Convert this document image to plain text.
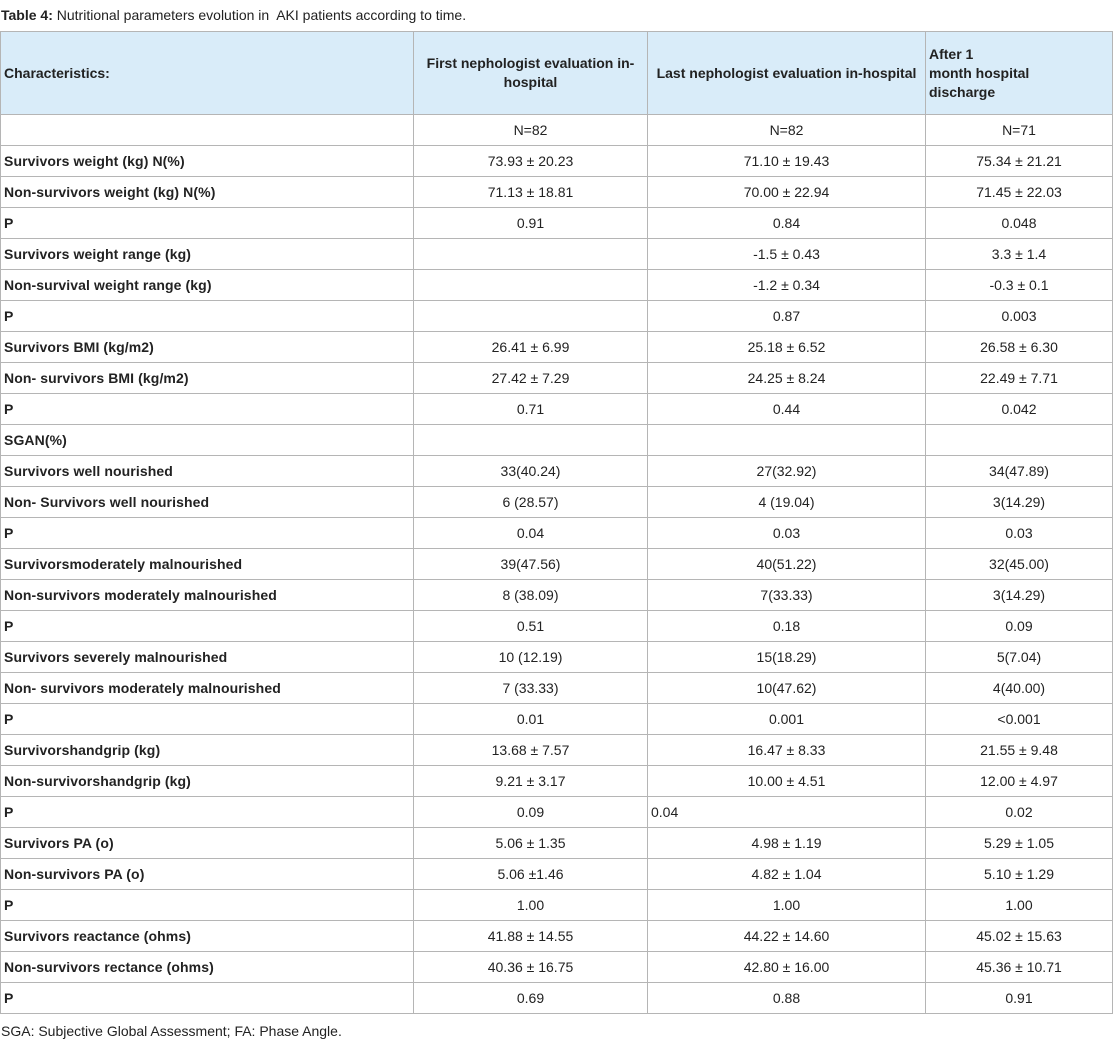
Table 4: Nutritional parameters evolution in  AKI patients according to time.
Characteristics:	First nephologist evaluation in-hospital	Last nephologist evaluation in-hospital	After 1
month hospital
discharge
	N=82	N=82	N=71
Survivors weight (kg) N(%)	73.93 ± 20.23	71.10 ± 19.43	75.34 ± 21.21
Non-survivors weight (kg) N(%)	71.13 ± 18.81	70.00 ± 22.94	71.45 ± 22.03
P	0.91	0.84	0.048
Survivors weight range (kg)		-1.5 ± 0.43	3.3 ± 1.4
Non-survival weight range (kg)		-1.2 ± 0.34	-0.3 ± 0.1
P		0.87	0.003
Survivors BMI (kg/m2)	26.41 ± 6.99	25.18 ± 6.52	26.58 ± 6.30
Non- survivors BMI (kg/m2)	27.42 ± 7.29	24.25 ± 8.24	22.49 ± 7.71
P	0.71	0.44	0.042
SGAN(%)			
Survivors well nourished	33(40.24)	27(32.92)	34(47.89)
Non- Survivors well nourished	6 (28.57)	4 (19.04)	3(14.29)
P	0.04	0.03	0.03
Survivorsmoderately malnourished	39(47.56)	40(51.22)	32(45.00)
Non-survivors moderately malnourished	8 (38.09)	7(33.33)	3(14.29)
P	0.51	0.18	0.09
Survivors severely malnourished	10 (12.19)	15(18.29)	5(7.04)
Non- survivors moderately malnourished	7 (33.33)	10(47.62)	4(40.00)
P	0.01	0.001	<0.001
Survivorshandgrip (kg)	13.68 ± 7.57	16.47 ± 8.33	21.55 ± 9.48
Non-survivorshandgrip (kg)	9.21 ± 3.17	10.00 ± 4.51	12.00 ± 4.97
P	0.09	0.04	0.02
Survivors PA (o)	5.06 ± 1.35	4.98 ± 1.19	5.29 ± 1.05
Non-survivors PA (o)	5.06 ±1.46	4.82 ± 1.04	5.10 ± 1.29
P	1.00	1.00	1.00
Survivors reactance (ohms)	41.88 ± 14.55	44.22 ± 14.60	45.02 ± 15.63
Non-survivors rectance (ohms)	40.36 ± 16.75	42.80 ± 16.00	45.36 ± 10.71
P	0.69	0.88	0.91
SGA: Subjective Global Assessment; FA: Phase Angle.
